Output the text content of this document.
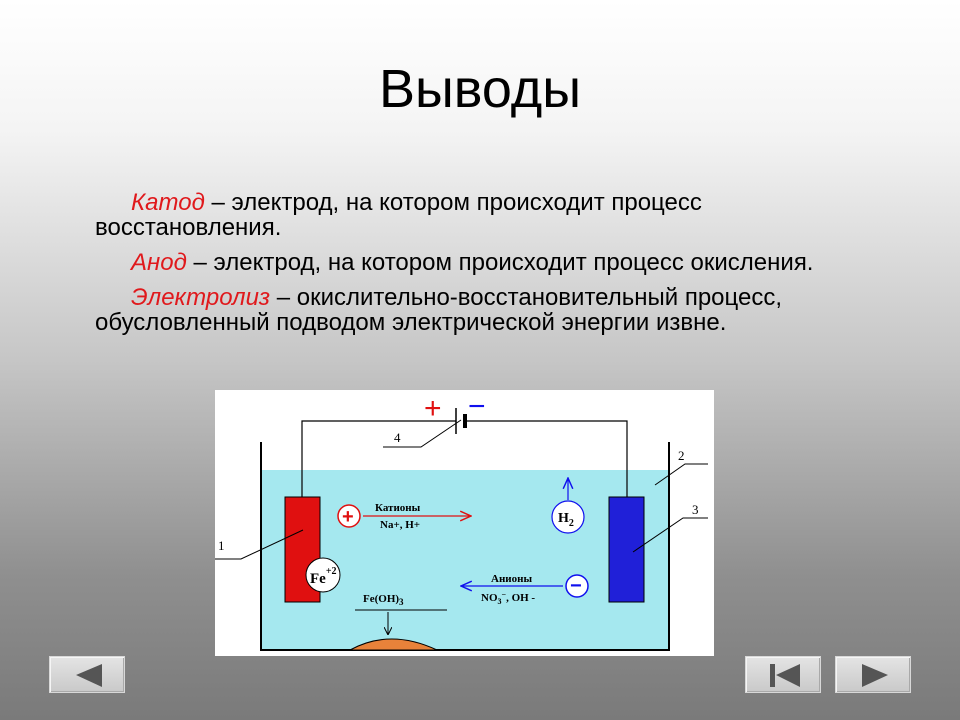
Выводы

Катод – электрод, на котором происходит процесс восстановления.

Анод – электрод, на котором происходит процесс окисления.

Электролиз – окислительно-восстановительный процесс, обусловленный подводом электрической энергии извне.

+ −
4
2
3
1
$Fe^{+2}$
+ Катионы
Na+, H+	$H_2$
−
Анионы
$NO_3^-$, OH -
$Fe(OH)_3$
